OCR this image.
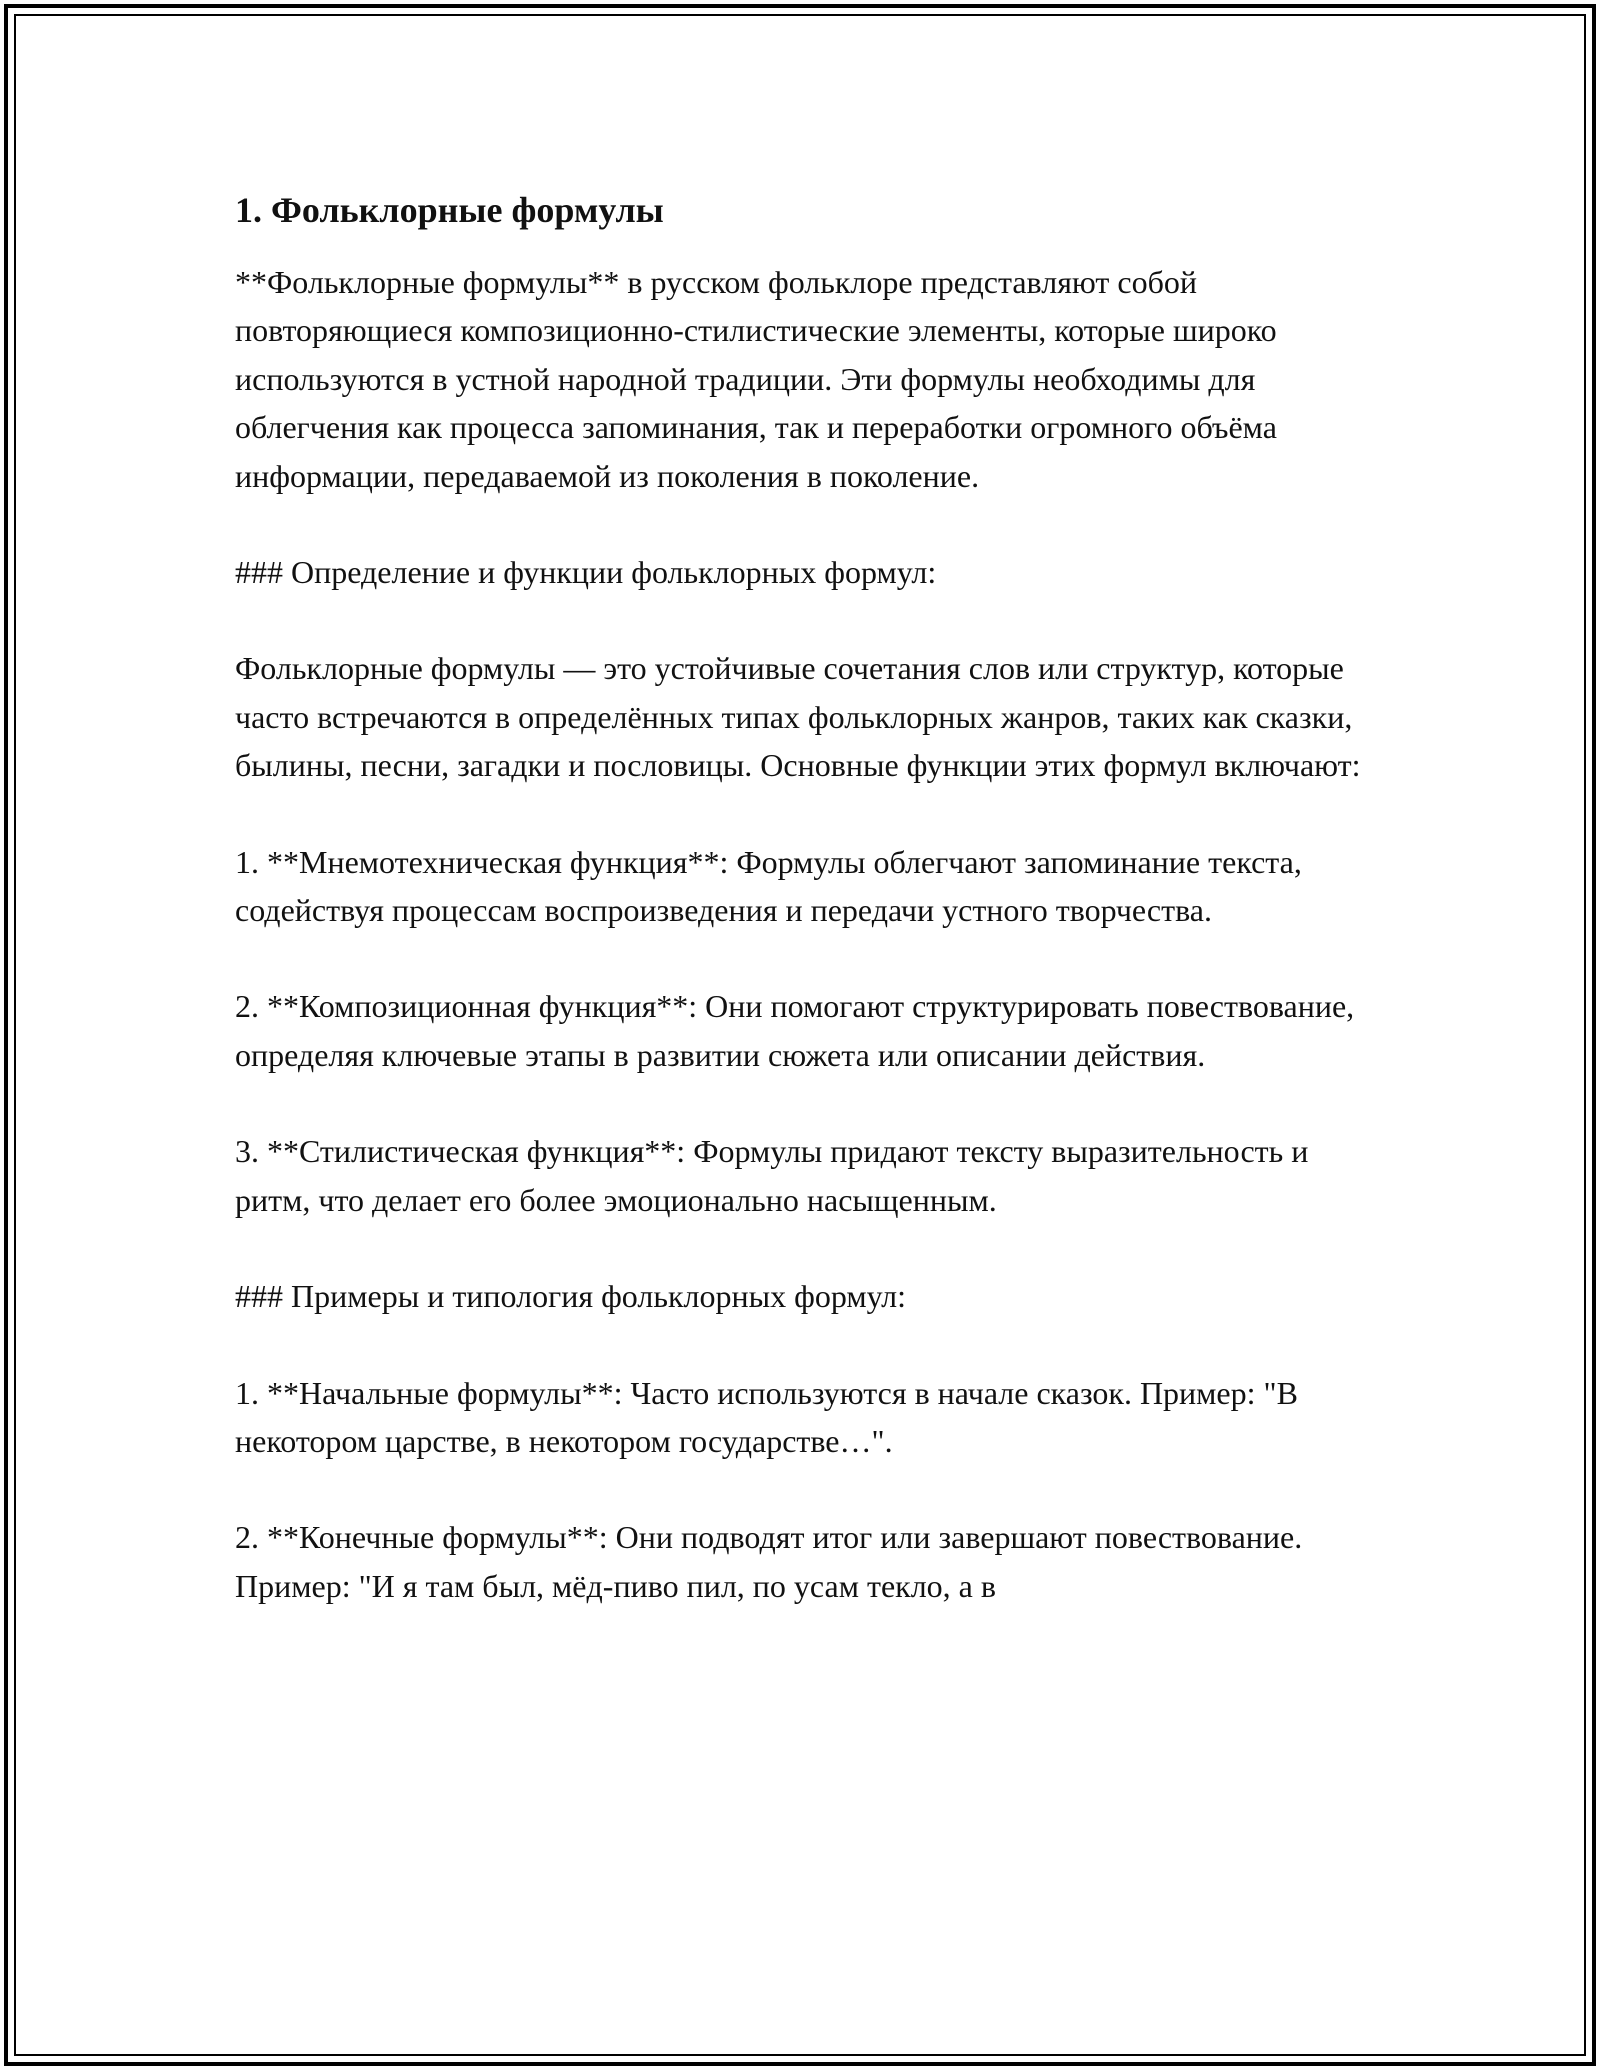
1. Фольклорные формулы
**Фольклорные формулы** в русском фольклоре представляют собой повторяющиеся композиционно-стилистические элементы, которые широко используются в устной народной традиции. Эти формулы необходимы для облегчения как процесса запоминания, так и переработки огромного объёма информации, передаваемой из поколения в поколение.
### Определение и функции фольклорных формул:
Фольклорные формулы — это устойчивые сочетания слов или структур, которые часто встречаются в определённых типах фольклорных жанров, таких как сказки, былины, песни, загадки и пословицы. Основные функции этих формул включают:
1. **Мнемотехническая функция**: Формулы облегчают запоминание текста, содействуя процессам воспроизведения и передачи устного творчества.
2. **Композиционная функция**: Они помогают структурировать повествование, определяя ключевые этапы в развитии сюжета или описании действия.
3. **Стилистическая функция**: Формулы придают тексту выразительность и ритм, что делает его более эмоционально насыщенным.
### Примеры и типология фольклорных формул:
1. **Начальные формулы**: Часто используются в начале сказок. Пример: "В некотором царстве, в некотором государстве…".
2. **Конечные формулы**: Они подводят итог или завершают повествование. Пример: "И я там был, мёд-пиво пил, по усам текло, а в
